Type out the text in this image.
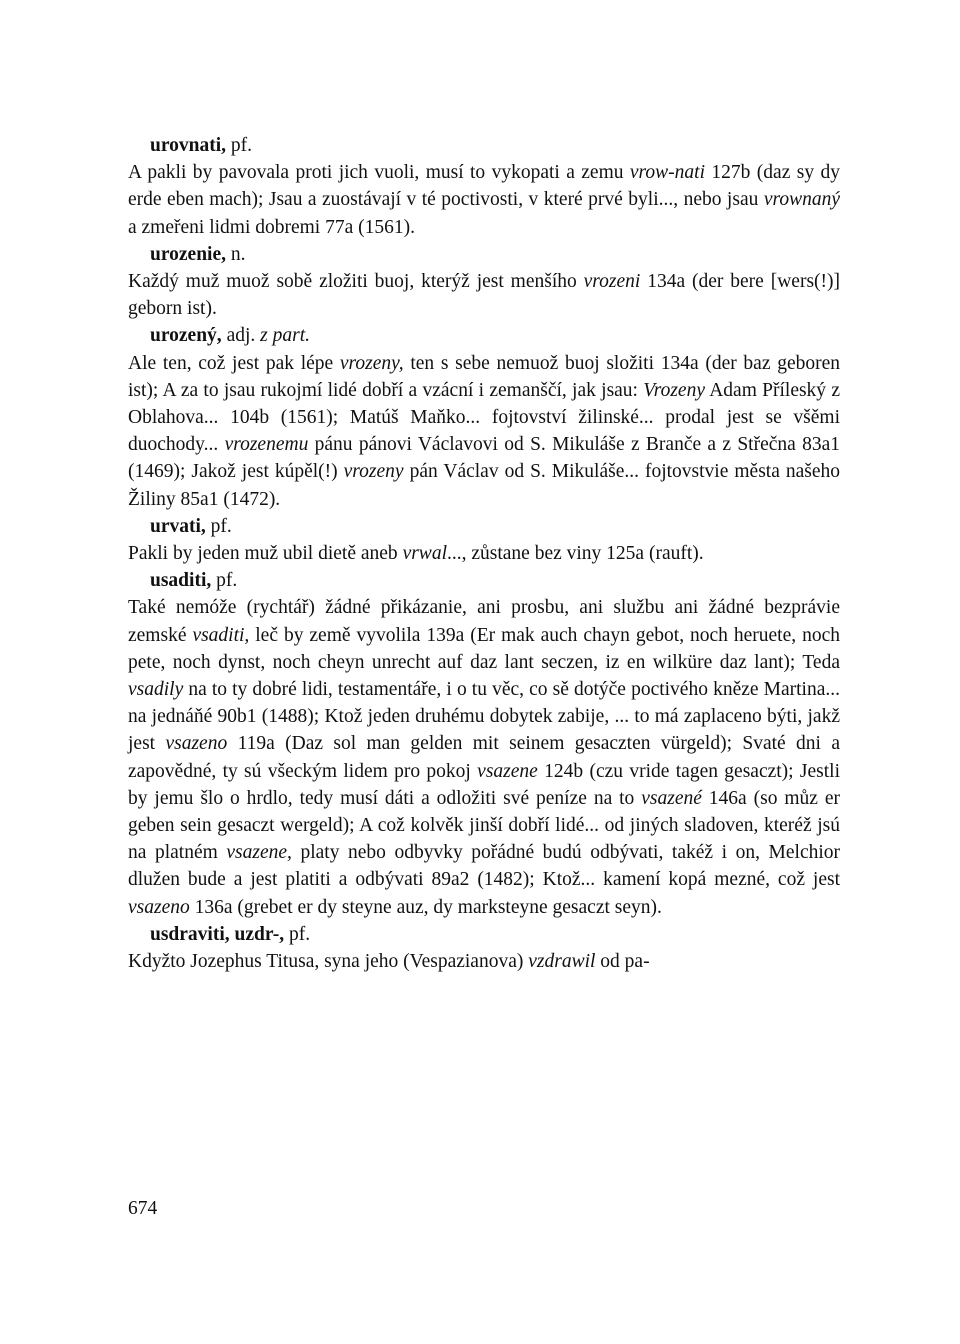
urovnati, pf.

A pakli by pavovala proti jich vuoli, musí to vykopati a zemu vrow-nati 127b (daz sy dy erde eben mach); Jsau a zuostávají v té poctivosti, v které prvé byli..., nebo jsau vrownaný a zmeřeni lidmi dobremi 77a (1561).

urozenie, n.

Každý muž muož sobě zložiti buoj, kterýž jest menšího vrozeni 134a (der bere [wers(!)] geborn ist).

urozený, adj. z part.

Ale ten, což jest pak lépe vrozeny, ten s sebe nemuož buoj složiti 134a (der baz geboren ist); A za to jsau rukojmí lidé dobří a vzácní i zemanščí, jak jsau: Vrozeny Adam Příleský z Oblahova... 104b (1561); Matúš Maňko... fojtovství žilinské... prodal jest se všěmi duochody... vrozenemu pánu pánovi Václavovi od S. Mikuláše z Branče a z Střečna 83a1 (1469); Jakož jest kúpěl(!) vrozeny pán Václav od S. Mikuláše... fojtovstvie města našeho Žiliny 85a1 (1472).

urvati, pf.

Pakli by jeden muž ubil dietě aneb vrwal..., zůstane bez viny 125a (rauft).

usaditi, pf.

Také nemóže (rychtář) žádné přikázanie, ani prosbu, ani službu ani žádné bezprávie zemské vsaditi, leč by země vyvolila 139a (Er mak auch chayn gebot, noch heruete, noch pete, noch dynst, noch cheyn unrecht auf daz lant seczen, iz en wilküre daz lant); Teda vsadily na to ty dobré lidi, testamentáře, i o tu věc, co sě dotýče poctivého kněze Martina... na jednáňé 90b1 (1488); Ktož jeden druhému dobytek zabije, ... to má zaplaceno býti, jakž jest vsazeno 119a (Daz sol man gelden mit seinem gesaczten vürgeld); Svaté dni a zapovědné, ty sú všeckým lidem pro pokoj vsazene 124b (czu vride tagen gesaczt); Jestli by jemu šlo o hrdlo, tedy musí dáti a odložiti své peníze na to vsazené 146a (so můz er geben sein gesaczt wergeld); A což kolvěk jinší dobří lidé... od jiných sladoven, kteréž jsú na platném vsazene, platy nebo odbyvky pořádné budú odbývati, takéž i on, Melchior dlužen bude a jest platiti a odbývati 89a2 (1482); Ktož... kamení kopá mezné, což jest vsazeno 136a (grebet er dy steyne auz, dy marksteyne gesaczt seyn).

usdraviti, uzdr-, pf.

Kdyžto Jozephus Titusa, syna jeho (Vespazianova) vzdrawil od pa-

674
